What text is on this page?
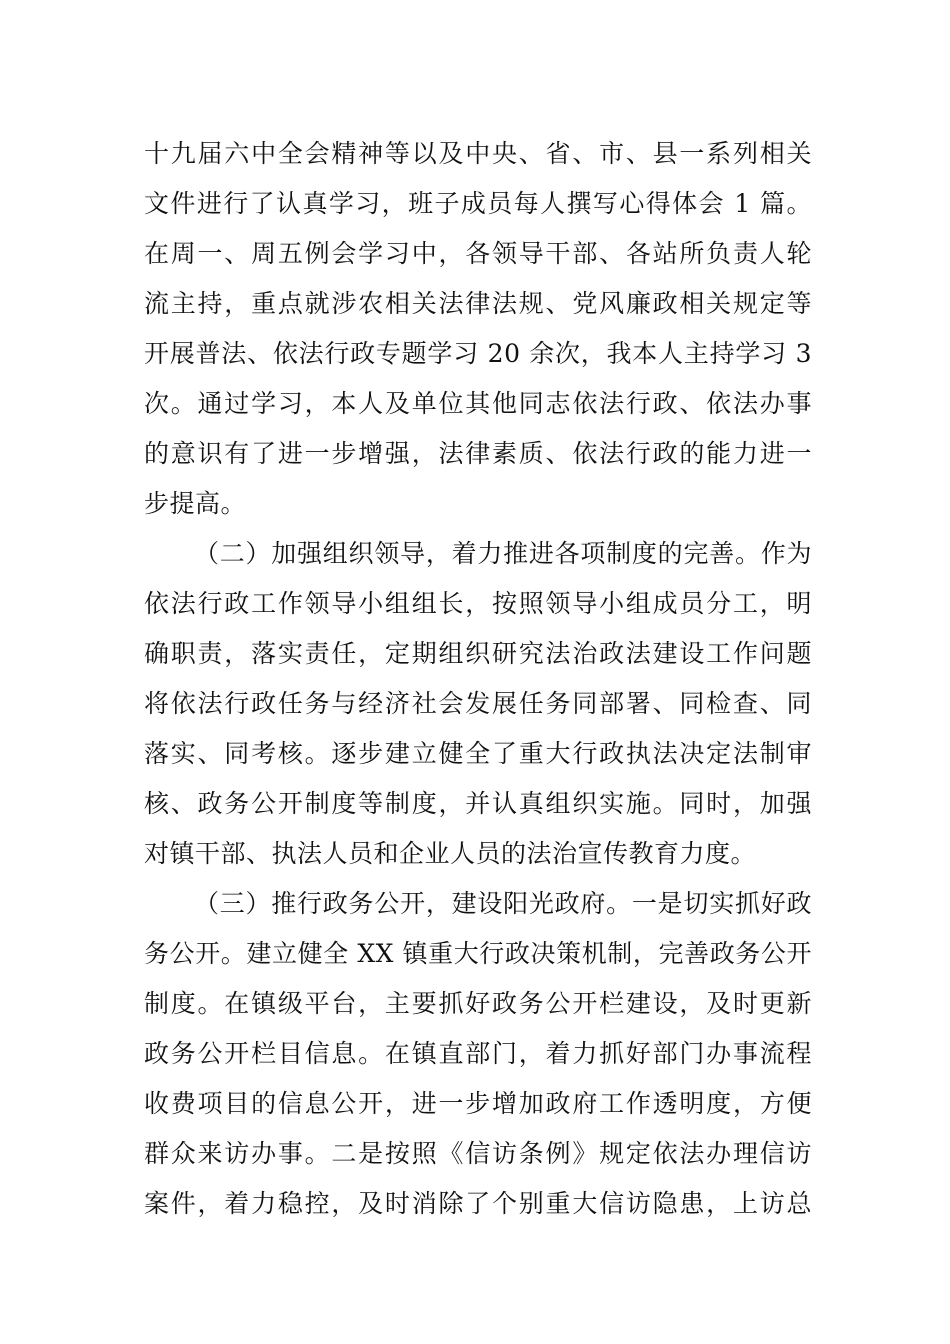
十九届六中全会精神等以及中央、省、市、县一系列相关
文件进行了认真学习，班子成员每人撰写心得体会 1 篇。
在周一、周五例会学习中，各领导干部、各站所负责人轮
流主持，重点就涉农相关法律法规、党风廉政相关规定等
开展普法、依法行政专题学习 20 余次，我本人主持学习 3
次。通过学习，本人及单位其他同志依法行政、依法办事
的意识有了进一步增强，法律素质、依法行政的能力进一
步提高。
（二）加强组织领导，着力推进各项制度的完善。作为
依法行政工作领导小组组长，按照领导小组成员分工，明
确职责，落实责任，定期组织研究法治政法建设工作问题
将依法行政任务与经济社会发展任务同部署、同检查、同
落实、同考核。逐步建立健全了重大行政执法决定法制审
核、政务公开制度等制度，并认真组织实施。同时，加强
对镇干部、执法人员和企业人员的法治宣传教育力度。
（三）推行政务公开，建设阳光政府。一是切实抓好政
务公开。建立健全 XX 镇重大行政决策机制，完善政务公开
制度。在镇级平台，主要抓好政务公开栏建设，及时更新
政务公开栏目信息。在镇直部门，着力抓好部门办事流程
收费项目的信息公开，进一步增加政府工作透明度，方便
群众来访办事。二是按照《信访条例》规定依法办理信访
案件，着力稳控，及时消除了个别重大信访隐患，上访总
